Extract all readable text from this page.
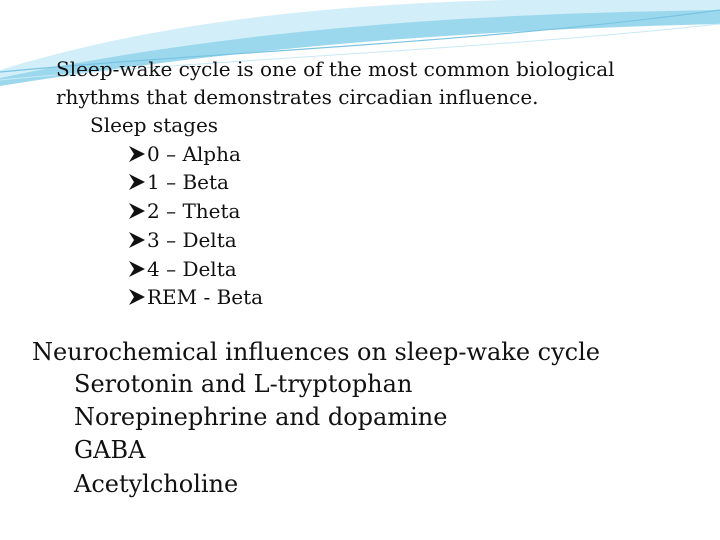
Sleep-wake cycle is one of the most common biological
rhythms that demonstrates circadian influence.
Sleep stages
0 – Alpha
1 – Beta
2 – Theta
3 – Delta
4 – Delta
REM - Beta
Neurochemical influences on sleep-wake cycle
Serotonin and L-tryptophan
Norepinephrine and dopamine
GABA
Acetylcholine
